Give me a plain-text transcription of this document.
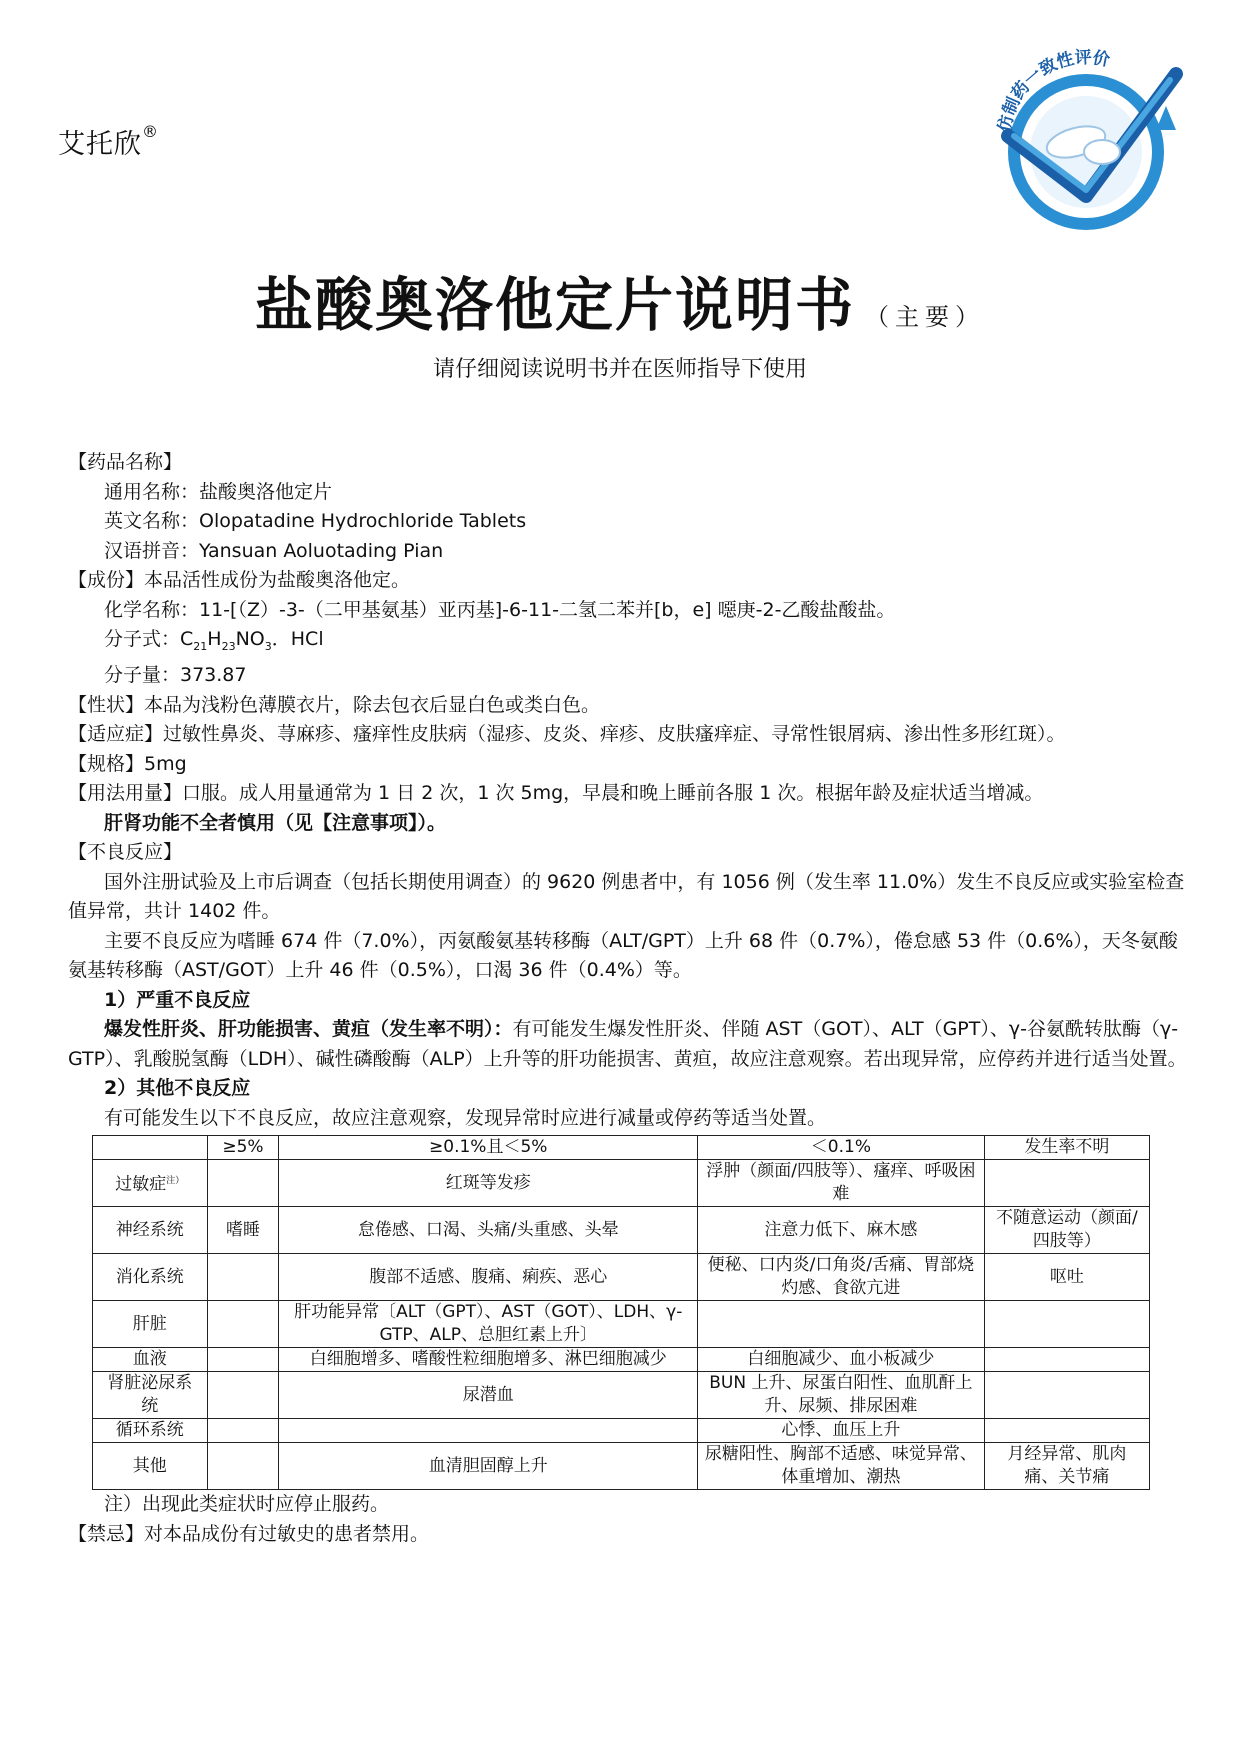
艾托欣®	仿制药一致性评价
盐酸奥洛他定片说明书 （主要）
请仔细阅读说明书并在医师指导下使用

【药品名称】

通用名称：盐酸奥洛他定片

英文名称：Olopatadine Hydrochloride Tablets

汉语拼音：Yansuan Aoluotading Pian

【成份】本品活性成份为盐酸奥洛他定。

化学名称：11-[（Z）-3-（二甲基氨基）亚丙基]-6-11-二氢二苯并[b，e] 噁庚-2-乙酸盐酸盐。

分子式：$C_{21}H_{23}NO_3$．HCl

分子量：373.87

【性状】本品为浅粉色薄膜衣片，除去包衣后显白色或类白色。

【适应症】过敏性鼻炎、荨麻疹、瘙痒性皮肤病（湿疹、皮炎、痒疹、皮肤瘙痒症、寻常性银屑病、渗出性多形红斑）。

【规格】5mg

【用法用量】口服。成人用量通常为 1 日 2 次，1 次 5mg，早晨和晚上睡前各服 1 次。根据年龄及症状适当增减。

肝肾功能不全者慎用（见【注意事项】）。

【不良反应】

国外注册试验及上市后调查（包括长期使用调查）的 9620 例患者中，有 1056 例（发生率 11.0%）发生不良反应或实验室检查值异常，共计 1402 件。

主要不良反应为嗜睡 674 件（7.0%），丙氨酸氨基转移酶（ALT/GPT）上升 68 件（0.7%），倦怠感 53 件（0.6%），天冬氨酸氨基转移酶（AST/GOT）上升 46 件（0.5%），口渴 36 件（0.4%）等。

1）严重不良反应

爆发性肝炎、肝功能损害、黄疸（发生率不明）：有可能发生爆发性肝炎、伴随 AST（GOT）、ALT（GPT）、γ-谷氨酰转肽酶（γ-GTP）、乳酸脱氢酶（LDH）、碱性磷酸酶（ALP）上升等的肝功能损害、黄疸，故应注意观察。若出现异常，应停药并进行适当处置。

2）其他不良反应

有可能发生以下不良反应，故应注意观察，发现异常时应进行减量或停药等适当处置。

	≥5%	≥0.1%且＜5%	＜0.1%	发生率不明
过敏症$^{注)}$		红斑等发疹	浮肿（颜面/四肢等）、瘙痒、呼吸困难	
神经系统	嗜睡	怠倦感、口渴、头痛/头重感、头晕	注意力低下、麻木感	不随意运动（颜面/四肢等）
消化系统		腹部不适感、腹痛、痢疾、恶心	便秘、口内炎/口角炎/舌痛、胃部烧灼感、食欲亢进	呕吐
肝脏		肝功能异常〔ALT（GPT）、AST（GOT）、LDH、γ-GTP、ALP、总胆红素上升〕		
血液		白细胞增多、嗜酸性粒细胞增多、淋巴细胞减少	白细胞减少、血小板减少	
肾脏泌尿系统		尿潜血	BUN 上升、尿蛋白阳性、血肌酐上升、尿频、排尿困难	
循环系统			心悸、血压上升	
其他		血清胆固醇上升	尿糖阳性、胸部不适感、味觉异常、体重增加、潮热	月经异常、肌肉痛、关节痛

注）出现此类症状时应停止服药。

【禁忌】对本品成份有过敏史的患者禁用。
